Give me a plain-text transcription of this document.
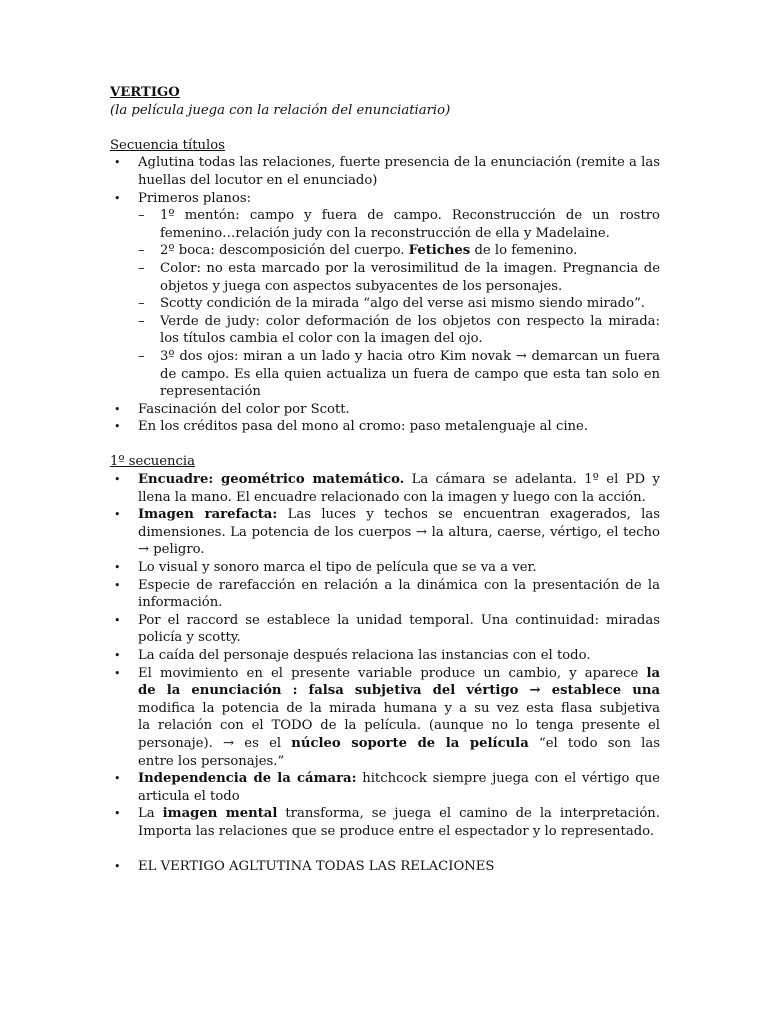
VERTIGO
(la película juega con la relación del enunciatiario)
Secuencia títulos
• Aglutina todas las relaciones, fuerte presencia de la enunciación (remite a las
huellas del locutor en el enunciado)
• Primeros planos:
– 1º mentón: campo y fuera de campo. Reconstrucción de un rostro
femenino…relación judy con la reconstrucción de ella y Madelaine.
– 2º boca: descomposición del cuerpo. Fetiches de lo femenino.
– Color: no esta marcado por la verosimilitud de la imagen. Pregnancia de
objetos y juega con aspectos subyacentes de los personajes.
– Scotty condición de la mirada “algo del verse asi mismo siendo mirado”.
– Verde de judy: color deformación de los objetos con respecto la mirada:
los títulos cambia el color con la imagen del ojo.
– 3º dos ojos: miran a un lado y hacia otro Kim novak → demarcan un fuera
de campo. Es ella quien actualiza un fuera de campo que esta tan solo en
representación
• Fascinación del color por Scott.
• En los créditos pasa del mono al cromo: paso metalenguaje al cine.
1º secuencia
• Encuadre: geométrico matemático. La cámara se adelanta. 1º el PD y
llena la mano. El encuadre relacionado con la imagen y luego con la acción.
• Imagen rarefacta: Las luces y techos se encuentran exagerados, las
dimensiones. La potencia de los cuerpos → la altura, caerse, vértigo, el techo
→ peligro.
• Lo visual y sonoro marca el tipo de película que se va a ver.
• Especie de rarefacción en relación a la dinámica con la presentación de la
información.
• Por el raccord se establece la unidad temporal. Una continuidad: miradas
policía y scotty.
• La caída del personaje después relaciona las instancias con el todo.
• El movimiento en el presente variable produce un cambio, y aparece la
de la enunciación : falsa subjetiva del vértigo → establece una
modifica la potencia de la mirada humana y a su vez esta flasa subjetiva
la relación con el TODO de la película. (aunque no lo tenga presente el
personaje). → es el núcleo soporte de la película “el todo son las
entre los personajes.”
• Independencia de la cámara: hitchcock siempre juega con el vértigo que
articula el todo
• La imagen mental transforma, se juega el camino de la interpretación.
Importa las relaciones que se produce entre el espectador y lo representado.
• EL VERTIGO AGLTUTINA TODAS LAS RELACIONES
